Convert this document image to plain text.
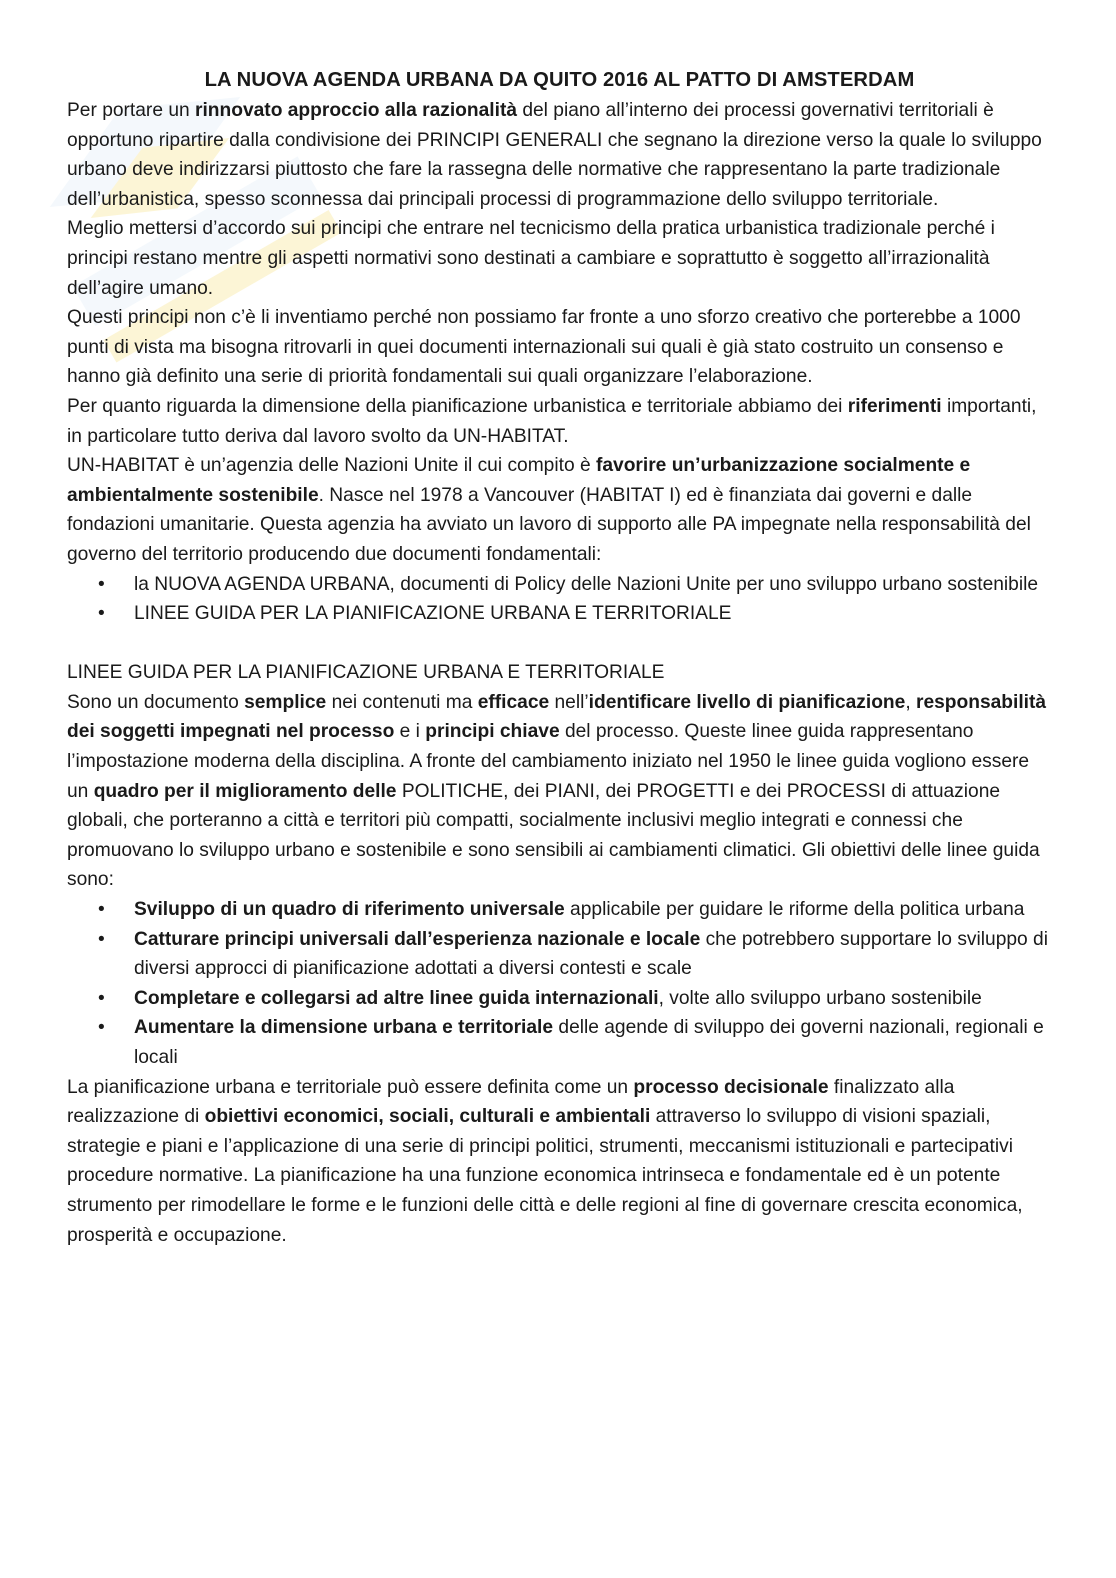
LA NUOVA AGENDA URBANA DA QUITO 2016 AL PATTO DI AMSTERDAM

Per portare un rinnovato approccio alla razionalità del piano all’interno dei processi governativi territoriali è opportuno ripartire dalla condivisione dei PRINCIPI GENERALI che segnano la direzione verso la quale lo sviluppo urbano deve indirizzarsi piuttosto che fare la rassegna delle normative che rappresentano la parte tradizionale dell’urbanistica, spesso sconnessa dai principali processi di programmazione dello sviluppo territoriale.

Meglio mettersi d’accordo sui principi che entrare nel tecnicismo della pratica urbanistica tradizionale perché i principi restano mentre gli aspetti normativi sono destinati a cambiare e soprattutto è soggetto all’irrazionalità dell’agire umano.

Questi principi non c’è li inventiamo perché non possiamo far fronte a uno sforzo creativo che porterebbe a 1000 punti di vista ma bisogna ritrovarli in quei documenti internazionali sui quali è già stato costruito un consenso e hanno già definito una serie di priorità fondamentali sui quali organizzare l’elaborazione.

Per quanto riguarda la dimensione della pianificazione urbanistica e territoriale abbiamo dei riferimenti importanti, in particolare tutto deriva dal lavoro svolto da UN-HABITAT.

UN-HABITAT è un’agenzia delle Nazioni Unite il cui compito è favorire un’urbanizzazione socialmente e ambientalmente sostenibile. Nasce nel 1978 a Vancouver (HABITAT I) ed è finanziata dai governi e dalle fondazioni umanitarie. Questa agenzia ha avviato un lavoro di supporto alle PA impegnate nella responsabilità del governo del territorio producendo due documenti fondamentali:

• la NUOVA AGENDA URBANA, documenti di Policy delle Nazioni Unite per uno sviluppo urbano sostenibile
• LINEE GUIDA PER LA PIANIFICAZIONE URBANA E TERRITORIALE

LINEE GUIDA PER LA PIANIFICAZIONE URBANA E TERRITORIALE

Sono un documento semplice nei contenuti ma efficace nell’identificare livello di pianificazione, responsabilità dei soggetti impegnati nel processo e i principi chiave del processo. Queste linee guida rappresentano l’impostazione moderna della disciplina. A fronte del cambiamento iniziato nel 1950 le linee guida vogliono essere un quadro per il miglioramento delle POLITICHE, dei PIANI, dei PROGETTI e dei PROCESSI di attuazione globali, che porteranno a città e territori più compatti, socialmente inclusivi meglio integrati e connessi che promuovano lo sviluppo urbano e sostenibile e sono sensibili ai cambiamenti climatici. Gli obiettivi delle linee guida sono:

• Sviluppo di un quadro di riferimento universale applicabile per guidare le riforme della politica urbana
• Catturare principi universali dall’esperienza nazionale e locale che potrebbero supportare lo sviluppo di diversi approcci di pianificazione adottati a diversi contesti e scale
• Completare e collegarsi ad altre linee guida internazionali, volte allo sviluppo urbano sostenibile
• Aumentare la dimensione urbana e territoriale delle agende di sviluppo dei governi nazionali, regionali e locali

La pianificazione urbana e territoriale può essere definita come un processo decisionale finalizzato alla realizzazione di obiettivi economici, sociali, culturali e ambientali attraverso lo sviluppo di visioni spaziali, strategie e piani e l’applicazione di una serie di principi politici, strumenti, meccanismi istituzionali e partecipativi procedure normative. La pianificazione ha una funzione economica intrinseca e fondamentale ed è un potente strumento per rimodellare le forme e le funzioni delle città e delle regioni al fine di governare crescita economica, prosperità e occupazione.
